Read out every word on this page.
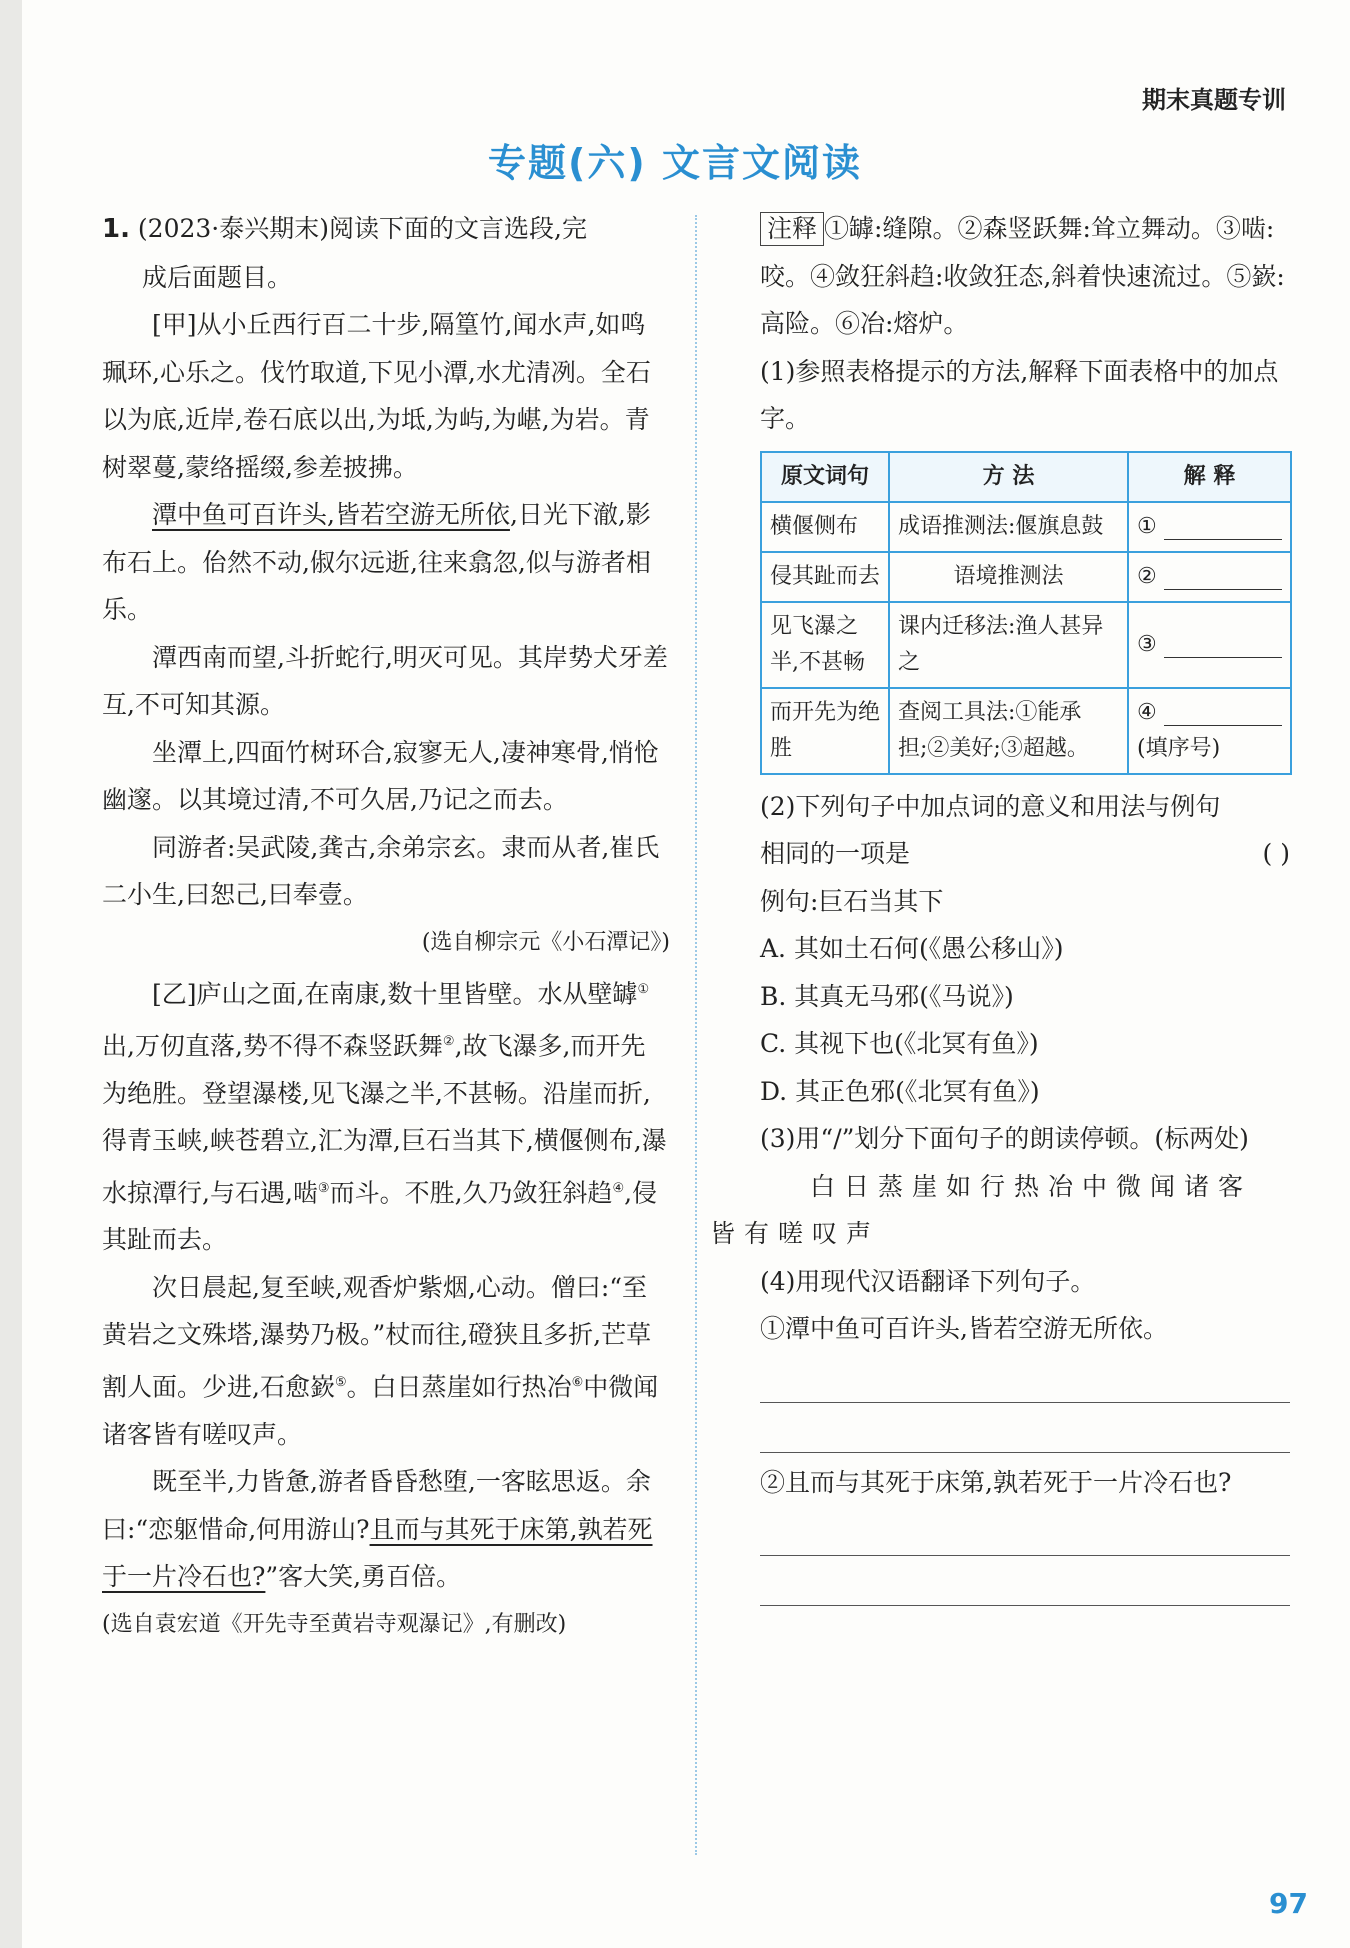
期末真题专训
专题(六) 文言文阅读

1. (2023·泰兴期末)阅读下面的文言选段,完
成后面题目。

[甲]从小丘西行百二十步,隔篁竹,闻水声,如鸣珮环,心乐之。伐竹取道,下见小潭,水尤清冽。全石以为底,近岸,卷石底以出,为坻,为屿,为嵁,为岩。青树翠蔓,蒙络摇缀,参差披拂。

潭中鱼可百许头,皆若空游无所依,日光下澈,影布石上。佁然不动,俶尔远逝,往来翕忽,似与游者相乐。

潭西南而望,斗折蛇行,明灭可见。其岸势犬牙差互,不可知其源。

坐潭上,四面竹树环合,寂寥无人,凄神寒骨,悄怆幽邃。以其境过清,不可久居,乃记之而去。

同游者:吴武陵,龚古,余弟宗玄。隶而从者,崔氏二小生,曰恕己,曰奉壹。

(选自柳宗元《小石潭记》)

[乙]庐山之面,在南康,数十里皆壁。水从壁罅①出,万仞直落,势不得不森竖跃舞②,故飞瀑多,而开先为绝胜。登望瀑楼,见飞瀑之半,不甚畅。沿崖而折,得青玉峡,峡苍碧立,汇为潭,巨石当其下,横偃侧布,瀑水掠潭行,与石遇,啮③而斗。不胜,久乃敛狂斜趋④,侵其趾而去。

次日晨起,复至峡,观香炉紫烟,心动。僧曰:“至黄岩之文殊塔,瀑势乃极。”杖而往,磴狭且多折,芒草割人面。少进,石愈嶔⑤。白日蒸崖如行热冶⑥中微闻诸客皆有嗟叹声。

既至半,力皆惫,游者昏昏愁堕,一客眩思返。余曰:“恋躯惜命,何用游山?且而与其死于床第,孰若死于一片冷石也?”客大笑,勇百倍。

(选自袁宏道《开先寺至黄岩寺观瀑记》,有删改)

注释 ①罅:缝隙。②森竖跃舞:耸立舞动。③啮:咬。④敛狂斜趋:收敛狂态,斜着快速流过。⑤嶔:高险。⑥冶:熔炉。

(1)参照表格提示的方法,解释下面表格中的加点字。

原文词句	方 法	解 释
横偃侧布	成语推测法:偃旗息鼓	①
侵其趾而去	语境推测法	②
见飞瀑之半,不甚畅	课内迁移法:渔人甚异之	③
而开先为绝胜	查阅工具法:①能承担;②美好;③超越。	④
(填序号)

(2)下列句子中加点词的意义和用法与例句
相同的一项是	( )

例句:巨石当其下

A. 其如土石何(《愚公移山》)

B. 其真无马邪(《马说》)

C. 其视下也(《北冥有鱼》)

D. 其正色邪(《北冥有鱼》)

(3)用“/”划分下面句子的朗读停顿。(标两处)

白日蒸崖如行热冶中微闻诸客
皆有嗟叹声

(4)用现代汉语翻译下列句子。

①潭中鱼可百许头,皆若空游无所依。

②且而与其死于床第,孰若死于一片冷石也?

97
